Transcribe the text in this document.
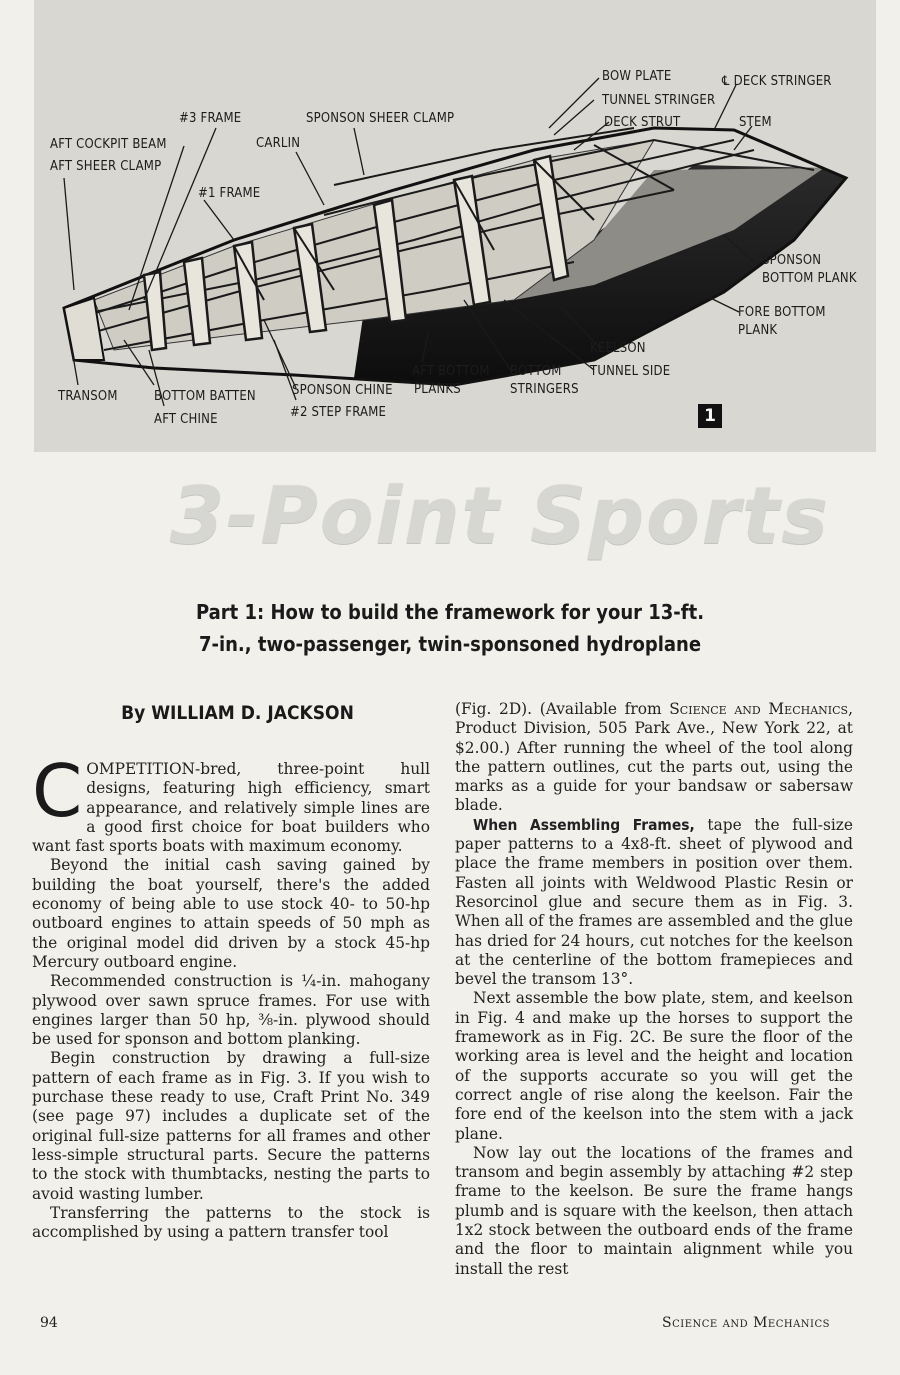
BOW PLATE	℄ DECK STRINGER
TUNNEL STRINGER
#3 FRAME	SPONSON SHEER CLAMP	DECK STRUT	STEM
AFT COCKPIT BEAM	CARLIN
AFT SHEER CLAMP
#1 FRAME
SPONSON
BOTTOM PLANK
FORE BOTTOM
PLANK
KEELSON
AFT BOTTOM
PLANKS
BOTTOM
STRINGERS
TUNNEL SIDE
TRANSOM	BOTTOM BATTEN	SPONSON CHINE
AFT CHINE	#2 STEP FRAME	1
3-Point Sports
Part 1: How to build the framework for your 13-ft.
7-in., two-passenger, twin-sponsoned hydroplane
By WILLIAM D. JACKSON

COMPETITION-bred, three-point hull designs, featuring high efficiency, smart appearance, and relatively simple lines are a good first choice for boat builders who want fast sports boats with maximum economy.

Beyond the initial cash saving gained by building the boat yourself, there's the added economy of being able to use stock 40- to 50-hp outboard engines to attain speeds of 50 mph as the original model did driven by a stock 45-hp Mercury outboard engine.

Recommended construction is ¼-in. mahogany plywood over sawn spruce frames. For use with engines larger than 50 hp, ⅜-in. plywood should be used for sponson and bottom planking.

Begin construction by drawing a full-size pattern of each frame as in Fig. 3. If you wish to purchase these ready to use, Craft Print No. 349 (see page 97) includes a duplicate set of the original full-size patterns for all frames and other less-simple structural parts. Secure the patterns to the stock with thumbtacks, nesting the parts to avoid wasting lumber.

Transferring the patterns to the stock is accomplished by using a pattern transfer tool

(Fig. 2D). (Available from Science and Mechanics, Product Division, 505 Park Ave., New York 22, at $2.00.) After running the wheel of the tool along the pattern outlines, cut the parts out, using the marks as a guide for your bandsaw or sabersaw blade.

When Assembling Frames, tape the full-size paper patterns to a 4x8-ft. sheet of plywood and place the frame members in position over them. Fasten all joints with Weldwood Plastic Resin or Resorcinol glue and secure them as in Fig. 3. When all of the frames are assembled and the glue has dried for 24 hours, cut notches for the keelson at the centerline of the bottom framepieces and bevel the transom 13°.

Next assemble the bow plate, stem, and keelson in Fig. 4 and make up the horses to support the framework as in Fig. 2C. Be sure the floor of the working area is level and the height and location of the supports accurate so you will get the correct angle of rise along the keelson. Fair the fore end of the keelson into the stem with a jack plane.

Now lay out the locations of the frames and transom and begin assembly by attaching #2 step frame to the keelson. Be sure the frame hangs plumb and is square with the keelson, then attach 1x2 stock between the outboard ends of the frame and the floor to maintain alignment while you install the rest

94	Science and Mechanics
